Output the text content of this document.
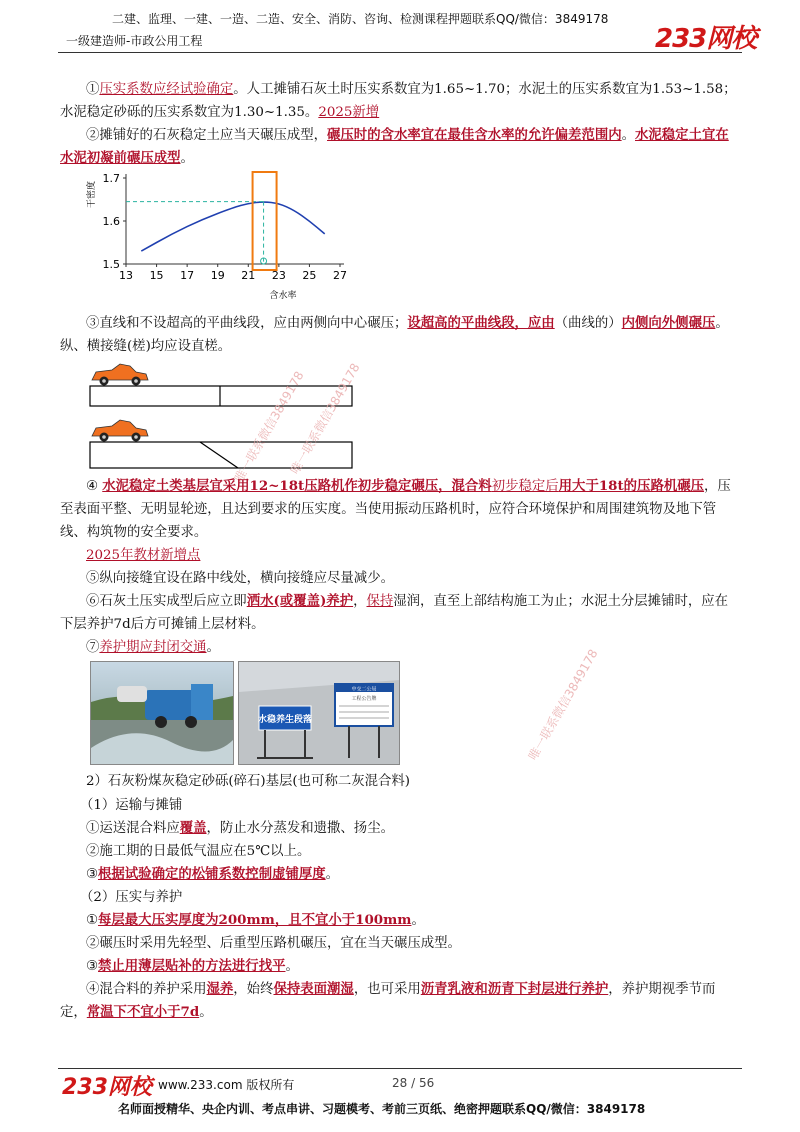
二建、监理、一建、一造、二造、安全、消防、咨询、检测课程押题联系QQ/微信：3849178
一级建造师-市政公用工程	233网校

①压实系数应经试验确定。人工摊铺石灰土时压实系数宜为1.65~1.70；水泥土的压实系数宜为1.53~1.58；水泥稳定砂砾的压实系数宜为1.30~1.35。2025新增

②摊铺好的石灰稳定土应当天碾压成型，碾压时的含水率宜在最佳含水率的允许偏差范围内。水泥稳定土宜在水泥初凝前碾压成型。

干密度
含水率
13 15 17 19 21 23 25 27
1.5
1.6
1.7

③直线和不设超高的平曲线段，应由两侧向中心碾压；设超高的平曲线段，应由（曲线的）内侧向外侧碾压。纵、横接缝(槎)均应设直槎。

唯一联系微信3849178
唯一联系微信3849178
唯一联系微信3849178

④ 水泥稳定土类基层宜采用12~18t压路机作初步稳定碾压，混合料初步稳定后用大于18t的压路机碾压，压至表面平整、无明显轮迹，且达到要求的压实度。当使用振动压路机时，应符合环境保护和周围建筑物及地下管线、构筑物的安全要求。

2025年教材新增点

⑤纵向接缝宜设在路中线处，横向接缝应尽量减少。

⑥石灰土压实成型后应立即洒水(或覆盖)养护，保持湿润，直至上部结构施工为止；水泥土分层摊铺时，应在下层养护7d后方可摊铺上层材料。

⑦养护期应封闭交通。

中交二公局
工程公告牌
水稳养生段落

2）石灰粉煤灰稳定砂砾(碎石)基层(也可称二灰混合料)

（1）运输与摊铺

①运送混合料应覆盖，防止水分蒸发和遗撒、扬尘。

②施工期的日最低气温应在5℃以上。

③根据试验确定的松铺系数控制虚铺厚度。

（2）压实与养护

①每层最大压实厚度为200mm，且不宜小于100mm。

②碾压时采用先轻型、后重型压路机碾压，宜在当天碾压成型。

③禁止用薄层贴补的方法进行找平。

④混合料的养护采用湿养，始终保持表面潮湿，也可采用沥青乳液和沥青下封层进行养护，养护期视季节而定，常温下不宜小于7d。

233网校 www.233.com 版权所有	28 / 56
名师面授精华、央企内训、考点串讲、习题模考、考前三页纸、绝密押题联系QQ/微信：3849178
